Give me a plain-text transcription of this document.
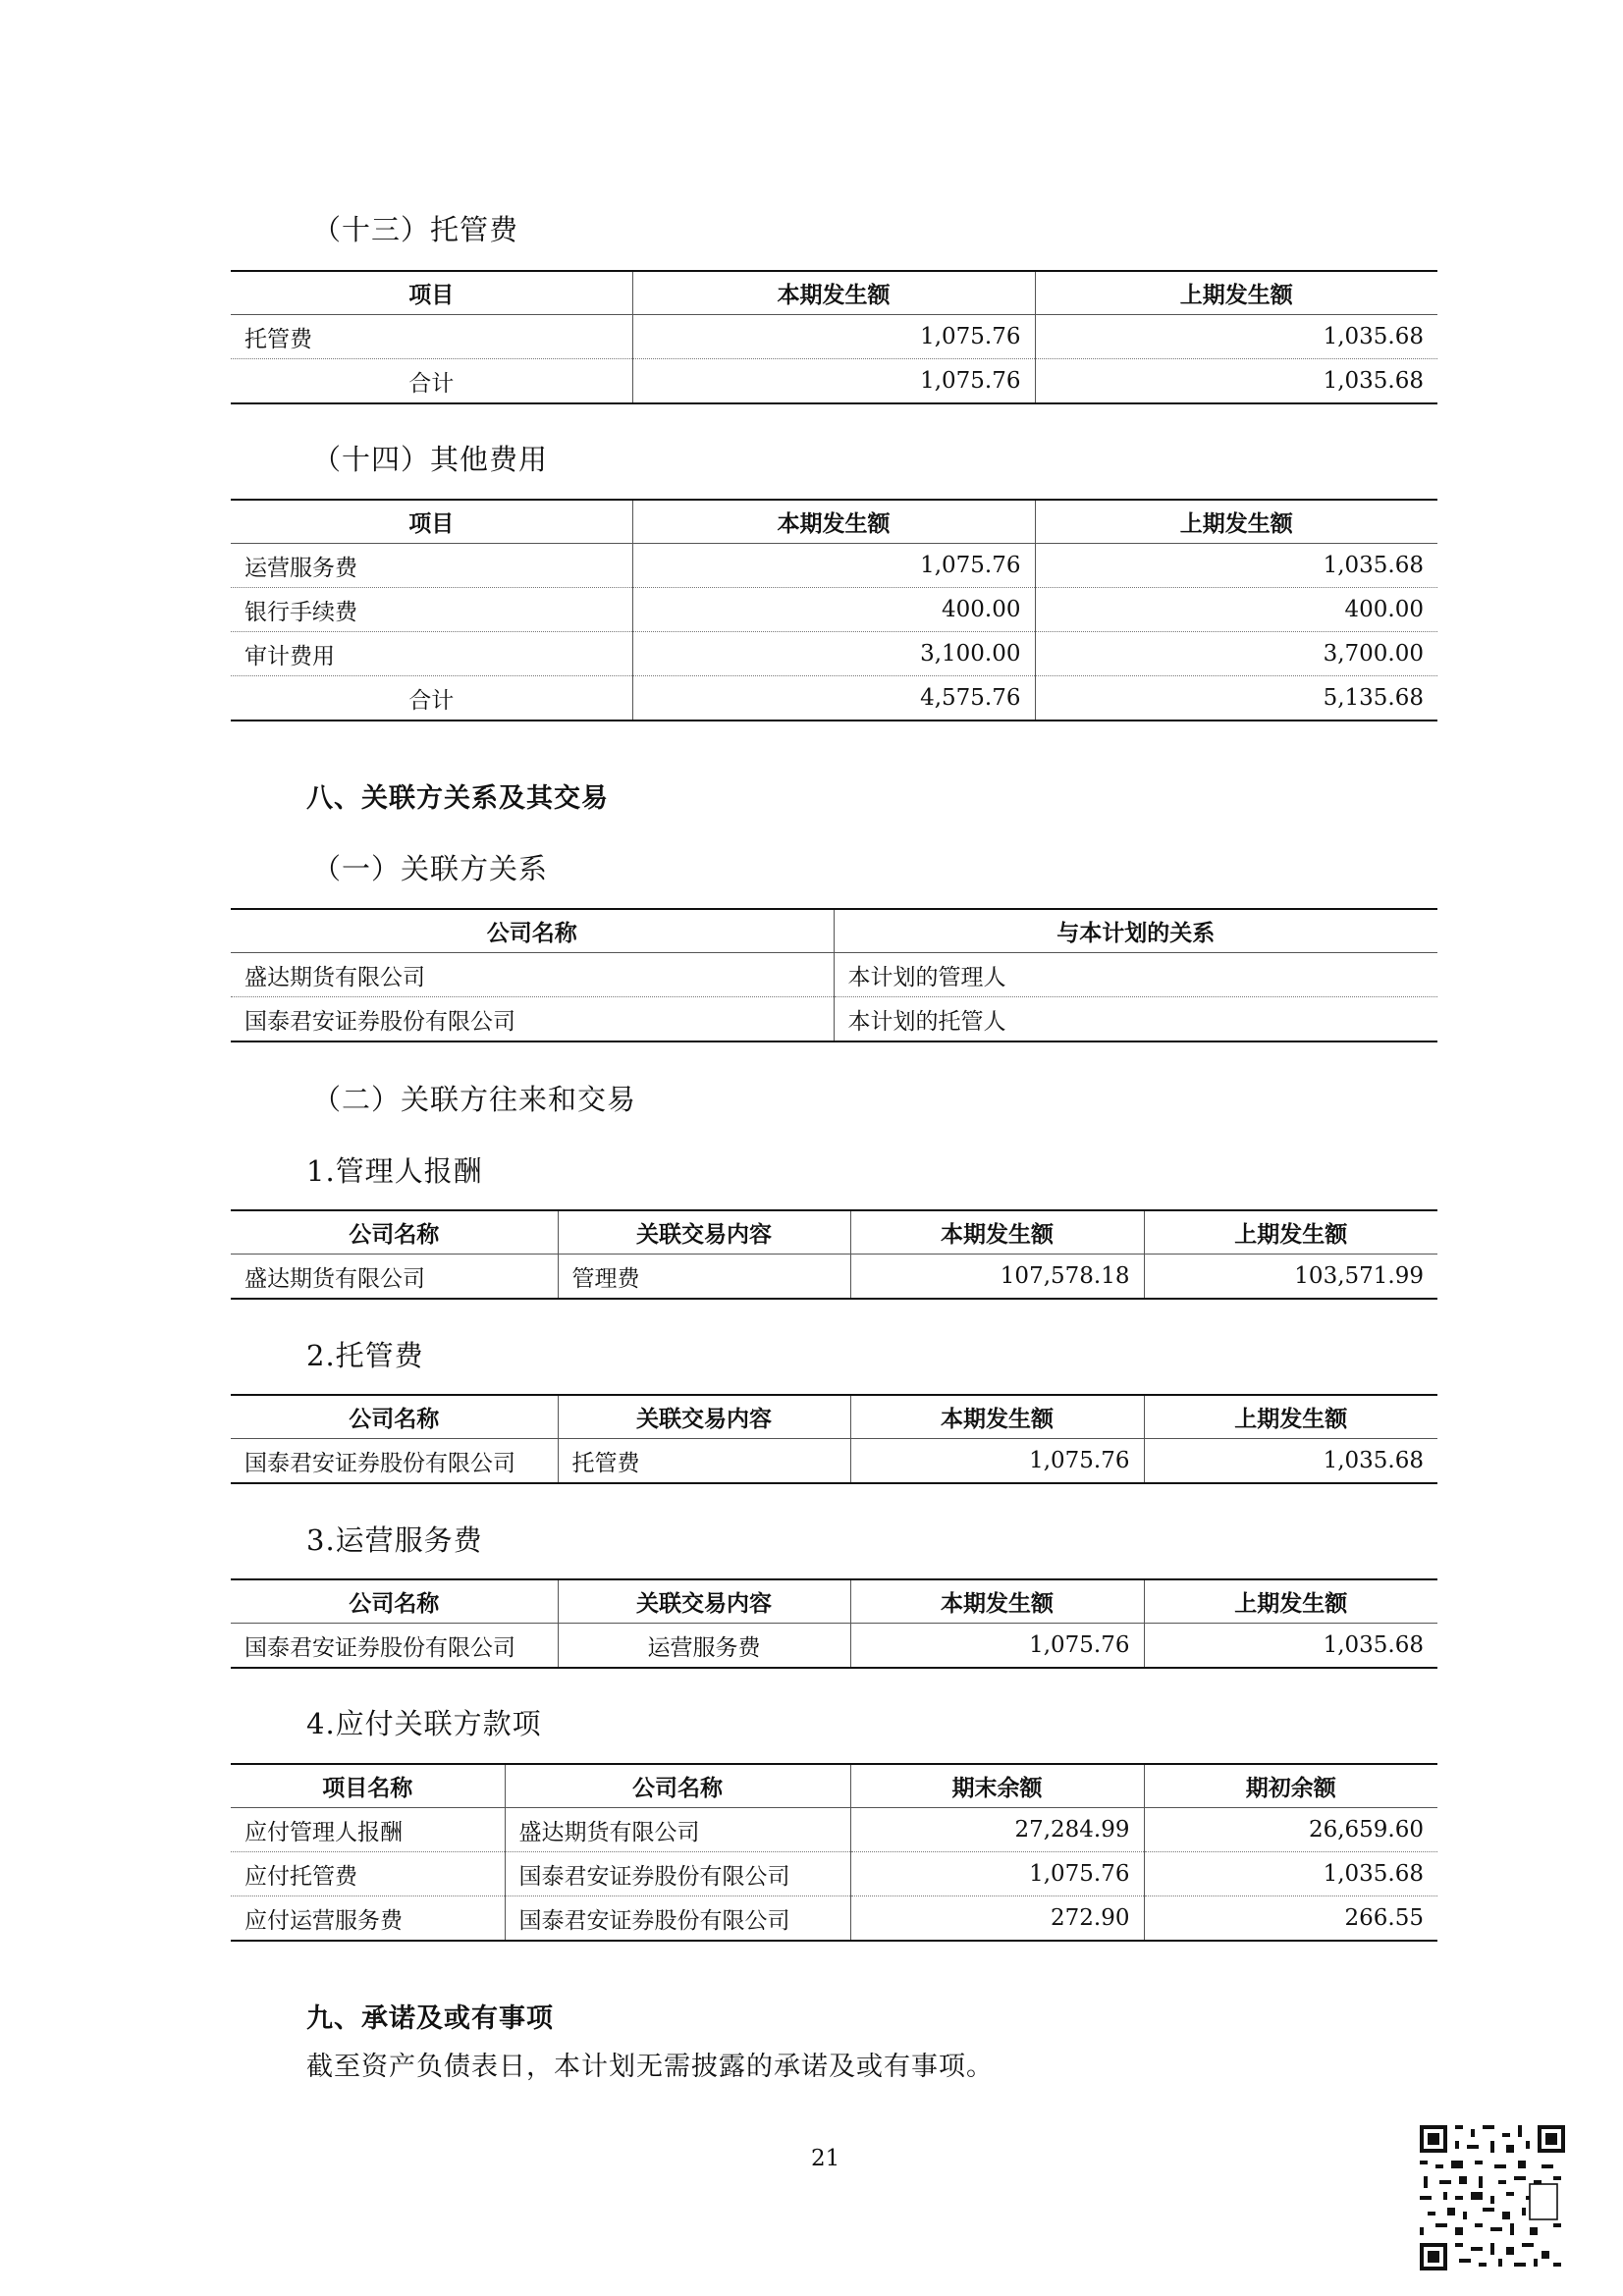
（十三）托管费
项目	本期发生额	上期发生额
托管费	1,075.76	1,035.68
合计	1,075.76	1,035.68
（十四）其他费用
项目	本期发生额	上期发生额
运营服务费	1,075.76	1,035.68
银行手续费	400.00	400.00
审计费用	3,100.00	3,700.00
合计	4,575.76	5,135.68
八、关联方关系及其交易
（一）关联方关系
公司名称	与本计划的关系
盛达期货有限公司	本计划的管理人
国泰君安证券股份有限公司	本计划的托管人
（二）关联方往来和交易
1.管理人报酬
公司名称	关联交易内容	本期发生额	上期发生额
盛达期货有限公司	管理费	107,578.18	103,571.99
2.托管费
公司名称	关联交易内容	本期发生额	上期发生额
国泰君安证券股份有限公司	托管费	1,075.76	1,035.68
3.运营服务费
公司名称	关联交易内容	本期发生额	上期发生额
国泰君安证券股份有限公司	运营服务费	1,075.76	1,035.68
4.应付关联方款项
项目名称	公司名称	期末余额	期初余额
应付管理人报酬	盛达期货有限公司	27,284.99	26,659.60
应付托管费	国泰君安证券股份有限公司	1,075.76	1,035.68
应付运营服务费	国泰君安证券股份有限公司	272.90	266.55
九、承诺及或有事项
截至资产负债表日，本计划无需披露的承诺及或有事项。
21
